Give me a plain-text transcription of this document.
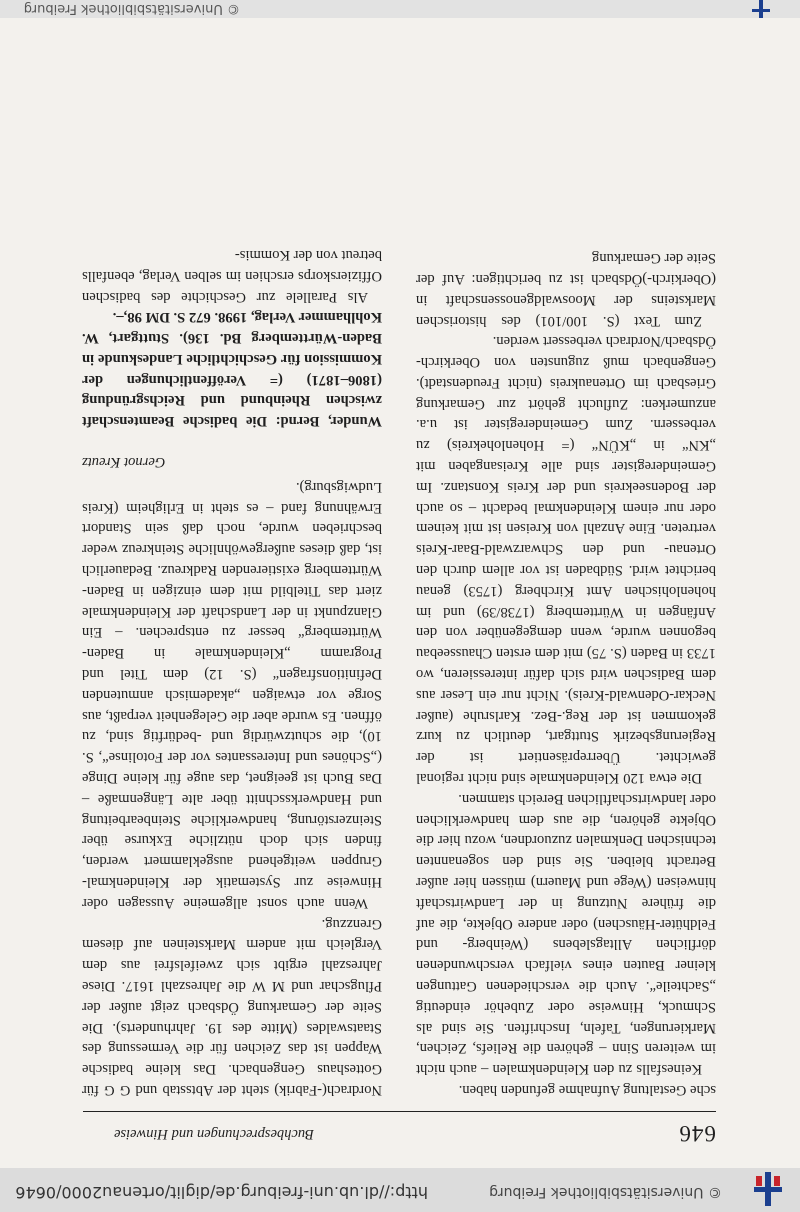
© Universitätsbibliothek Freiburg
http://dl.ub.uni-freiburg.de/diglit/ortenau2000/0646
646
Buchbesprechungen und Hinweise

sche Gestaltung Aufnahme gefunden haben.

Keinesfalls zu den Kleindenkmalen – auch nicht im weiteren Sinn – gehören die Reliefs, Zeichen, Markierungen, Tafeln, Inschriften. Sie sind als Schmuck, Hinweise oder Zubehör eindeutig „Sachteile“. Auch die verschiedenen Gattungen kleiner Bauten eines vielfach verschwundenen dörflichen Alltagslebens (Weinberg- und Feldhüter-Häuschen) oder andere Objekte, die auf die frühere Nutzung in der Landwirtschaft hinweisen (Wege und Mauern) müssen hier außer Betracht bleiben. Sie sind den sogenannten technischen Denkmalen zuzuordnen, wozu hier die Objekte gehören, die aus dem handwerklichen oder landwirtschaftlichen Bereich stammen.

Die etwa 120 Kleindenkmale sind nicht regional gewichtet. Überrepräsentiert ist der Regierungsbezirk Stuttgart, deutlich zu kurz gekommen ist der Reg.-Bez. Karlsruhe (außer Neckar-Odenwald-Kreis). Nicht nur ein Leser aus dem Badischen wird sich dafür interessieren, wo 1733 in Baden (S. 75) mit dem ersten Chausseebau begonnen wurde, wenn demgegenüber von den Anfängen in Württemberg (1738/39) und im hohenlohischen Amt Kirchberg (1753) genau berichtet wird. Südbaden ist vor allem durch den Ortenau- und den Schwarzwald-Baar-Kreis vertreten. Eine Anzahl von Kreisen ist mit keinem oder nur einem Kleindenkmal bedacht – so auch der Bodenseekreis und der Kreis Konstanz. Im Gemeinderegister sind alle Kreisangaben mit „KN“ in „KÜN“ (= Hohenlohekreis) zu verbessern. Zum Gemeinderegister ist u.a. anzumerken: Zuflucht gehört zur Gemarkung Griesbach im Ortenaukreis (nicht Freudenstadt). Gengenbach muß zugunsten von Oberkirch-Ödsbach/Nordrach verbessert werden.

Zum Text (S. 100/101) des historischen Marksteins der Mooswaldgenossenschaft in (Oberkirch-)Ödsbach ist zu berichtigen: Auf der Seite der Gemarkung

Nordrach(-Fabrik) steht der Abtsstab und G G für Gotteshaus Gengenbach. Das kleine badische Wappen ist das Zeichen für die Vermessung des Staatswaldes (Mitte des 19. Jahrhunderts). Die Seite der Gemarkung Ödsbach zeigt außer der Pflugschar und M W die Jahreszahl 1617. Diese Jahreszahl ergibt sich zweifelsfrei aus dem Vergleich mit andern Marksteinen auf diesem Grenzzug.

Wenn auch sonst allgemeine Aussagen oder Hinweise zur Systematik der Kleindenkmal-Gruppen weitgehend ausgeklammert werden, finden sich doch nützliche Exkurse über Steinzerstörung, handwerkliche Steinbearbeitung und Handwerksschnitt über alte Längenmaße – Das Buch ist geeignet, das auge für kleine Dinge („Schönes und Interessantes vor der Fotolinse“, S. 10), die schutzwürdig und -bedürftig sind, zu öffnen. Es wurde aber die Gelegenheit verpaßt, aus Sorge vor etwaigen „akademisch anmutenden Definitionsfragen“ (S. 12) dem Titel und Programm „Kleindenkmale in Baden-Württemberg“ besser zu entsprechen. – Ein Glanzpunkt in der Landschaft der Kleindenkmale ziert das Titelbild mit dem einzigen in Baden-Württemberg existierenden Radkreuz. Bedauerlich ist, daß dieses außergewöhnliche Steinkreuz weder beschrieben wurde, noch daß sein Standort Erwähnung fand – es steht in Erligheim (Kreis Ludwigsburg).

Gernot Kreutz

Wunder, Bernd: Die badische Beamtenschaft zwischen Rheinbund und Reichsgründung (1806–1871) (= Veröffentlichungen der Kommission für Geschichtliche Landeskunde in Baden-Württemberg Bd. 136). Stuttgart, W. Kohlhammer Verlag, 1998. 672 S. DM 98,–.

Als Parallele zur Geschichte des badischen Offizierskorps erschien im selben Verlag, ebenfalls betreut von der Kommis-

© Universitätsbibliothek Freiburg
